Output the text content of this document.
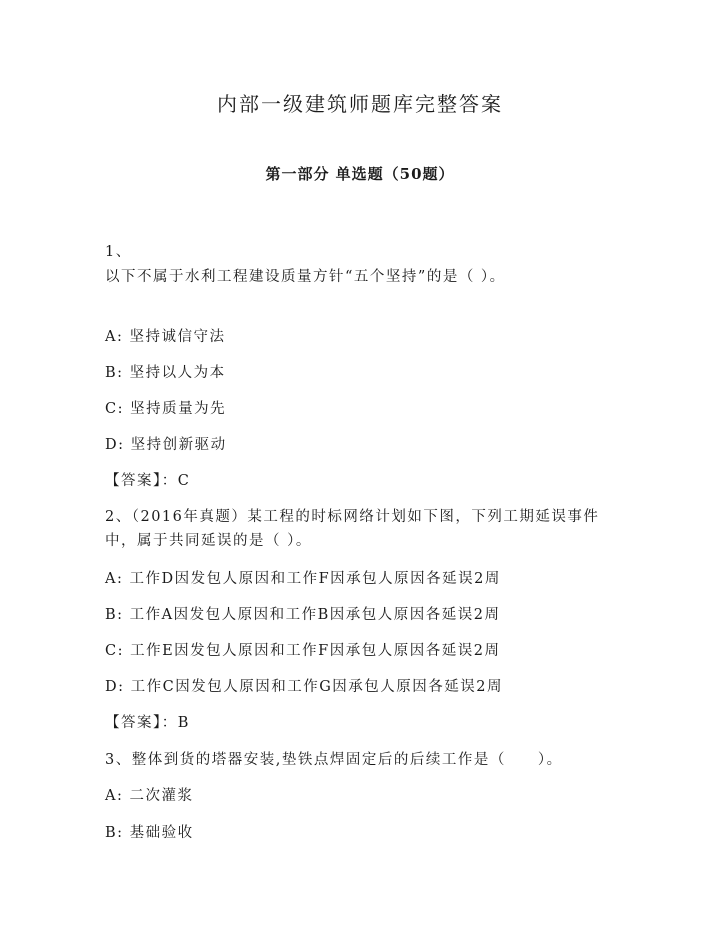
内部一级建筑师题库完整答案
第一部分 单选题（50题）
1、
以下不属于水利工程建设质量方针“五个坚持”的是（ ）。
A: 坚持诚信守法
B: 坚持以人为本
C: 坚持质量为先
D: 坚持创新驱动
【答案】：C
2、（2016年真题）某工程的时标网络计划如下图，下列工期延误事件
中，属于共同延误的是（ ）。
A: 工作D因发包人原因和工作F因承包人原因各延误2周
B: 工作A因发包人原因和工作B因承包人原因各延误2周
C: 工作E因发包人原因和工作F因承包人原因各延误2周
D: 工作C因发包人原因和工作G因承包人原因各延误2周
【答案】：B
3、整体到货的塔器安装,垫铁点焊固定后的后续工作是（　　）。
A: 二次灌浆
B: 基础验收
